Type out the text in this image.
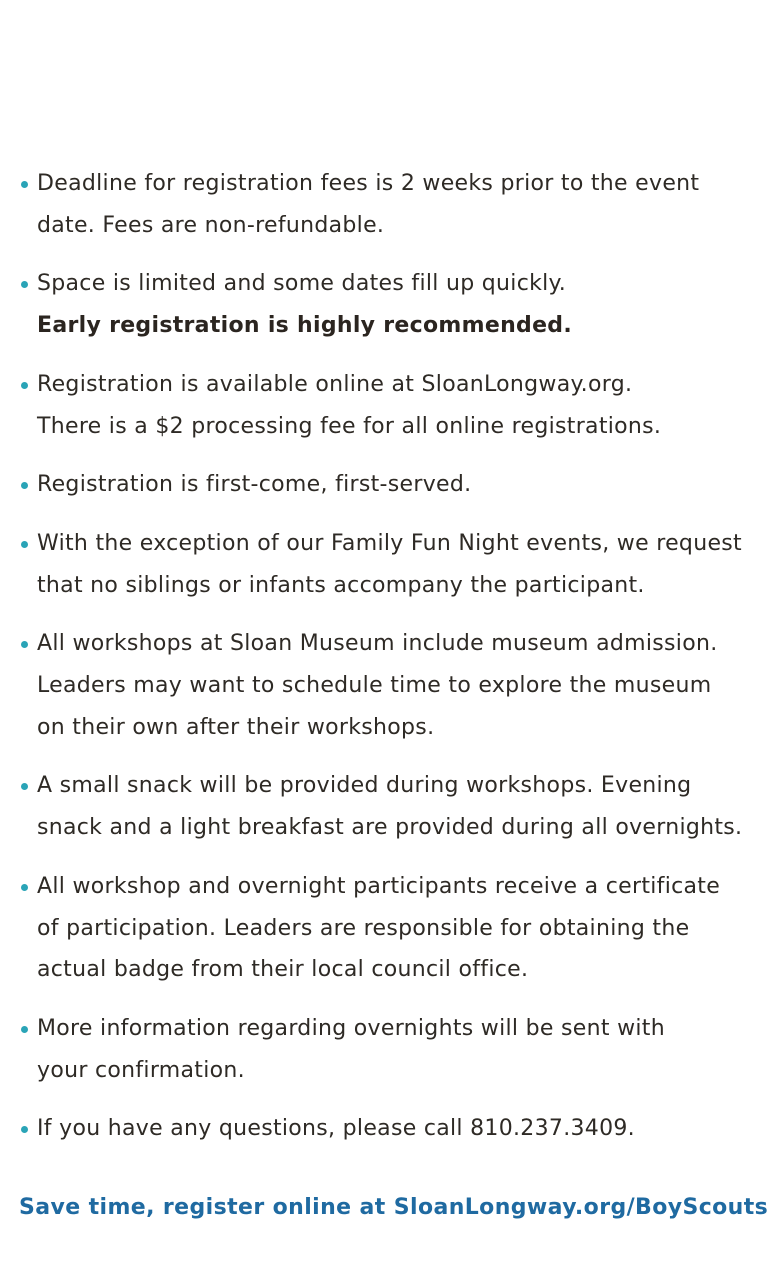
Deadline for registration fees is 2 weeks prior to the event
date. Fees are non-refundable.
Space is limited and some dates fill up quickly.
Early registration is highly recommended.
Registration is available online at SloanLongway.org.
There is a $2 processing fee for all online registrations.
Registration is first-come, first-served.
With the exception of our Family Fun Night events, we request
that no siblings or infants accompany the participant.
All workshops at Sloan Museum include museum admission.
Leaders may want to schedule time to explore the museum
on their own after their workshops.
A small snack will be provided during workshops. Evening
snack and a light breakfast are provided during all overnights.
All workshop and overnight participants receive a certificate
of participation. Leaders are responsible for obtaining the
actual badge from their local council office.
More information regarding overnights will be sent with
your confirmation.
If you have any questions, please call 810.237.3409.
Save time, register online at SloanLongway.org/BoyScouts
